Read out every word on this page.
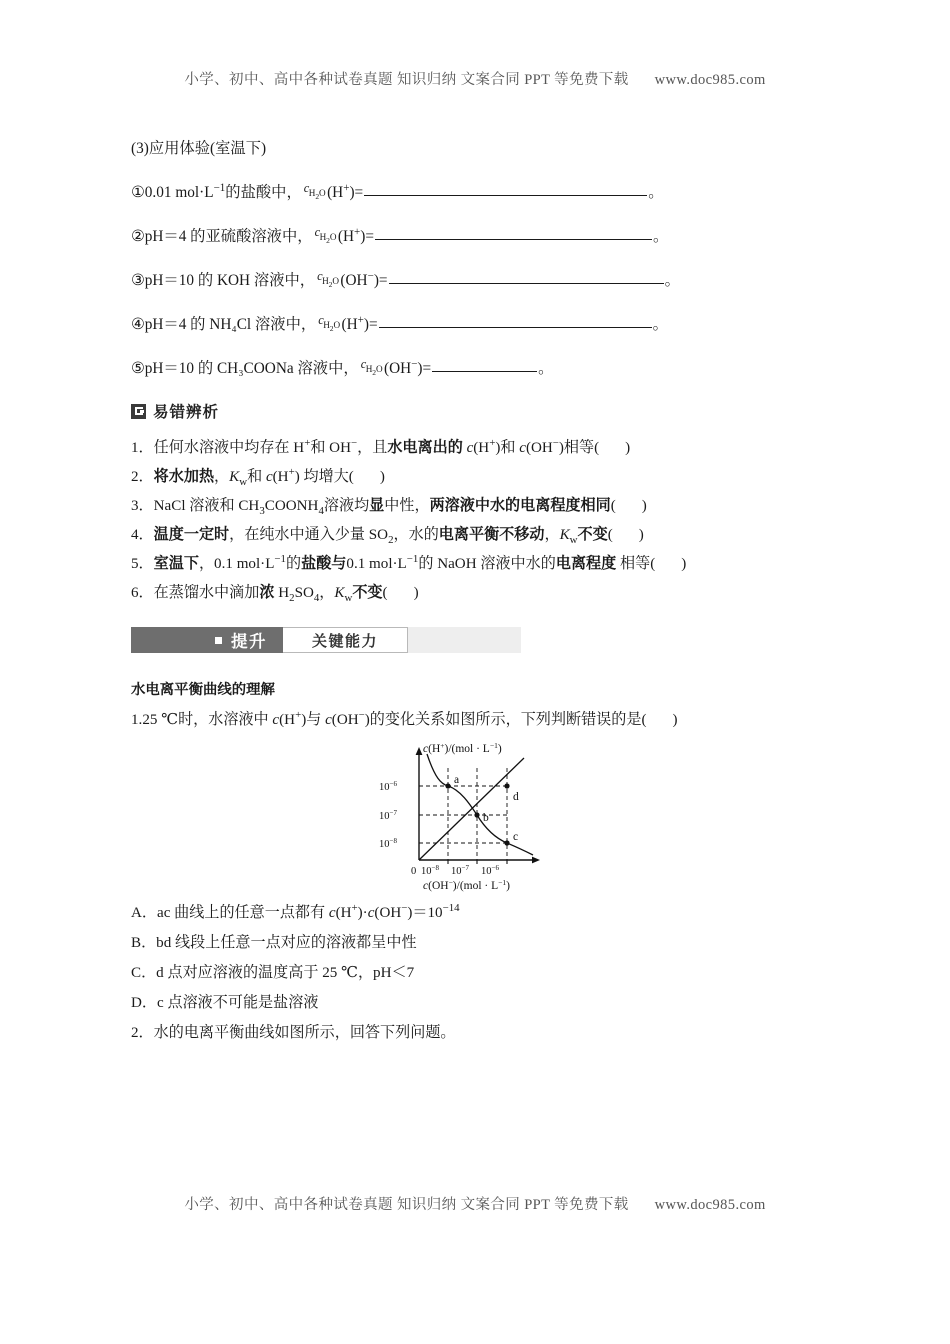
小学、初中、高中各种试卷真题 知识归纳 文案合同 PPT 等免费下载 www.doc985.com
(3)应用体验(室温下)
①0.01 $mol\cdot L^{-1}$的盐酸中， $^cH_2O(H^+)=$	。
②pH＝4 的亚硫酸溶液中， $^cH_2O(H^+)=$	。
③pH＝10 的 KOH 溶液中， $^cH_2O(OH^-)=$	。
④pH＝4 的 NH₄Cl 溶液中， $^cH_2O(H^+)=$	。
⑤pH＝10 的 CH₃COONa 溶液中， $^cH_2O(OH^-)=$	。
易错辨析
1．任何水溶液中均存在 H+和 OH−，且水电离出的 c(H+)和 c(OH−)相等( )
2．将水加热，$K_w$和 c(H+) 均增大( )
3．NaCl 溶液和 $CH_3COONH_4$溶液均显中性，两溶液中水的电离程度相同( )
4．温度一定时，在纯水中通入少量 $SO_2$，水的电离平衡不移动，$K_w$不变( )
5．室温下，0.1 $mol\cdot L^{-1}$的盐酸与0.1 $mol\cdot L^{-1}$的 NaOH 溶液中水的电离程度 相等( )
6．在蒸馏水中滴加浓 $H_2SO_4$，$K_w$不变( )
提升	关键能力
水电离平衡曲线的理解
1.25 ℃时，水溶液中 c(H+)与 c(OH−)的变化关系如图所示，下列判断错误的是( )
a
b
c
d
$10^{-6}$
$10^{-7}$
$10^{-8}$
0 $10^{-8}$ $10^{-7}$ $10^{-6}$
$c(H^+)/(mol \cdot L^{-1})$
$c(OH^-)/(mol \cdot L^{-1})$
A．ac 曲线上的任意一点都有 $c(H^+)\cdot c(OH^-)=10^{-14}$
B．bd 线段上任意一点对应的溶液都呈中性
C．d 点对应溶液的温度高于 25 ℃，pH＜7
D．c 点溶液不可能是盐溶液
2．水的电离平衡曲线如图所示，回答下列问题。
小学、初中、高中各种试卷真题 知识归纳 文案合同 PPT 等免费下载 www.doc985.com
